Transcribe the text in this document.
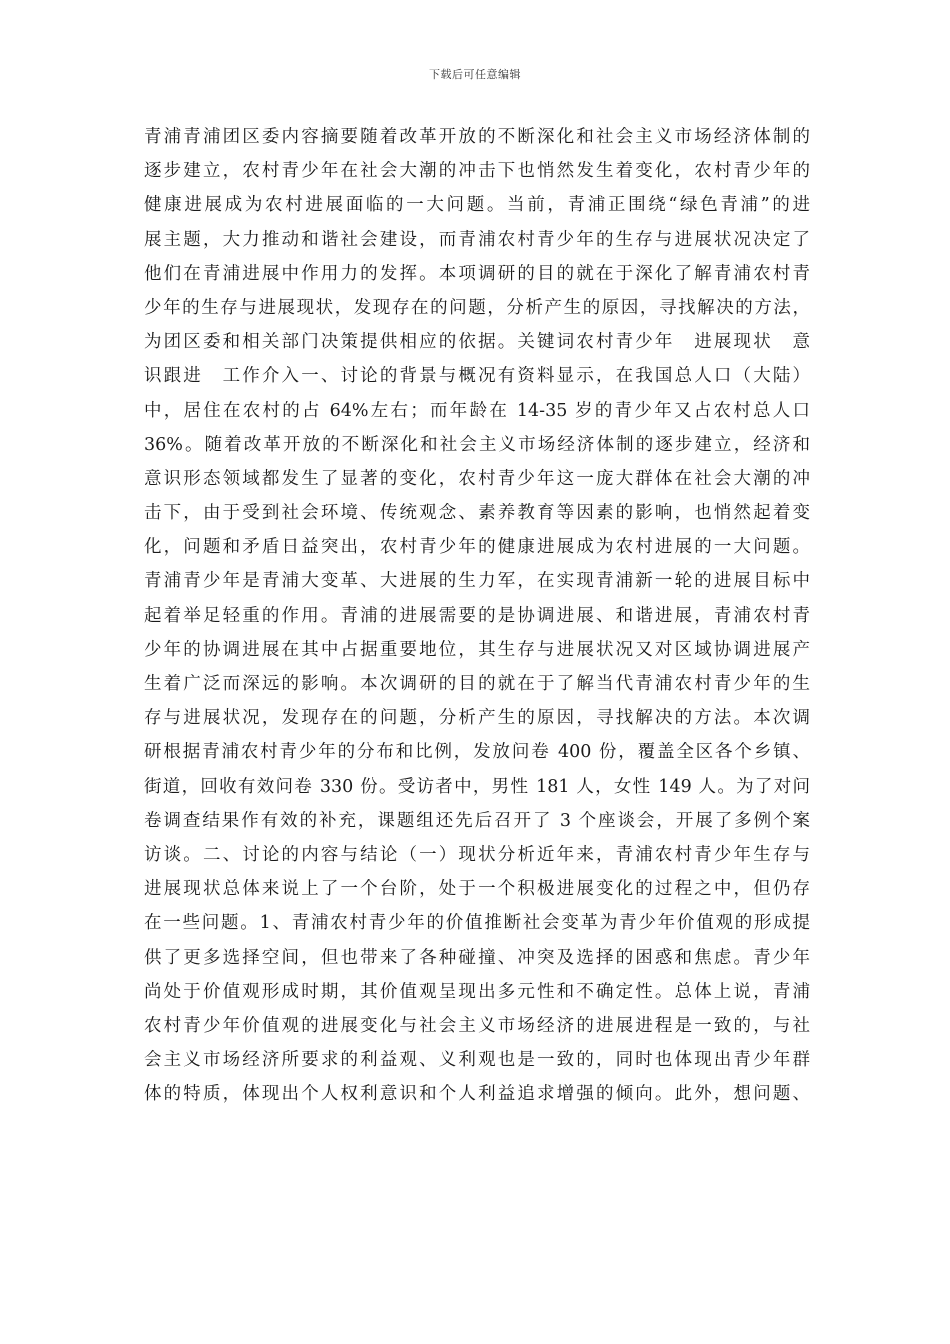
下载后可任意编辑
青浦青浦团区委内容摘要随着改革开放的不断深化和社会主义市场经济体制的
逐步建立，农村青少年在社会大潮的冲击下也悄然发生着变化，农村青少年的
健康进展成为农村进展面临的一大问题。当前，青浦正围绕“绿色青浦”的进
展主题，大力推动和谐社会建设，而青浦农村青少年的生存与进展状况决定了
他们在青浦进展中作用力的发挥。本项调研的目的就在于深化了解青浦农村青
少年的生存与进展现状，发现存在的问题，分析产生的原因，寻找解决的方法，
为团区委和相关部门决策提供相应的依据。关键词农村青少年　进展现状　意
识跟进　工作介入一、讨论的背景与概况有资料显示，在我国总人口（大陆）
中，居住在农村的占 64%左右；而年龄在 14-35 岁的青少年又占农村总人口
36%。随着改革开放的不断深化和社会主义市场经济体制的逐步建立，经济和
意识形态领域都发生了显著的变化，农村青少年这一庞大群体在社会大潮的冲
击下，由于受到社会环境、传统观念、素养教育等因素的影响，也悄然起着变
化，问题和矛盾日益突出，农村青少年的健康进展成为农村进展的一大问题。
青浦青少年是青浦大变革、大进展的生力军，在实现青浦新一轮的进展目标中
起着举足轻重的作用。青浦的进展需要的是协调进展、和谐进展，青浦农村青
少年的协调进展在其中占据重要地位，其生存与进展状况又对区域协调进展产
生着广泛而深远的影响。本次调研的目的就在于了解当代青浦农村青少年的生
存与进展状况，发现存在的问题，分析产生的原因，寻找解决的方法。本次调
研根据青浦农村青少年的分布和比例，发放问卷 400 份，覆盖全区各个乡镇、
街道，回收有效问卷 330 份。受访者中，男性 181 人，女性 149 人。为了对问
卷调查结果作有效的补充，课题组还先后召开了 3 个座谈会，开展了多例个案
访谈。二、讨论的内容与结论（一）现状分析近年来，青浦农村青少年生存与
进展现状总体来说上了一个台阶，处于一个积极进展变化的过程之中，但仍存
在一些问题。1、青浦农村青少年的价值推断社会变革为青少年价值观的形成提
供了更多选择空间，但也带来了各种碰撞、冲突及选择的困惑和焦虑。青少年
尚处于价值观形成时期，其价值观呈现出多元性和不确定性。总体上说，青浦
农村青少年价值观的进展变化与社会主义市场经济的进展进程是一致的，与社
会主义市场经济所要求的利益观、义利观也是一致的，同时也体现出青少年群
体的特质，体现出个人权利意识和个人利益追求增强的倾向。此外，想问题、
